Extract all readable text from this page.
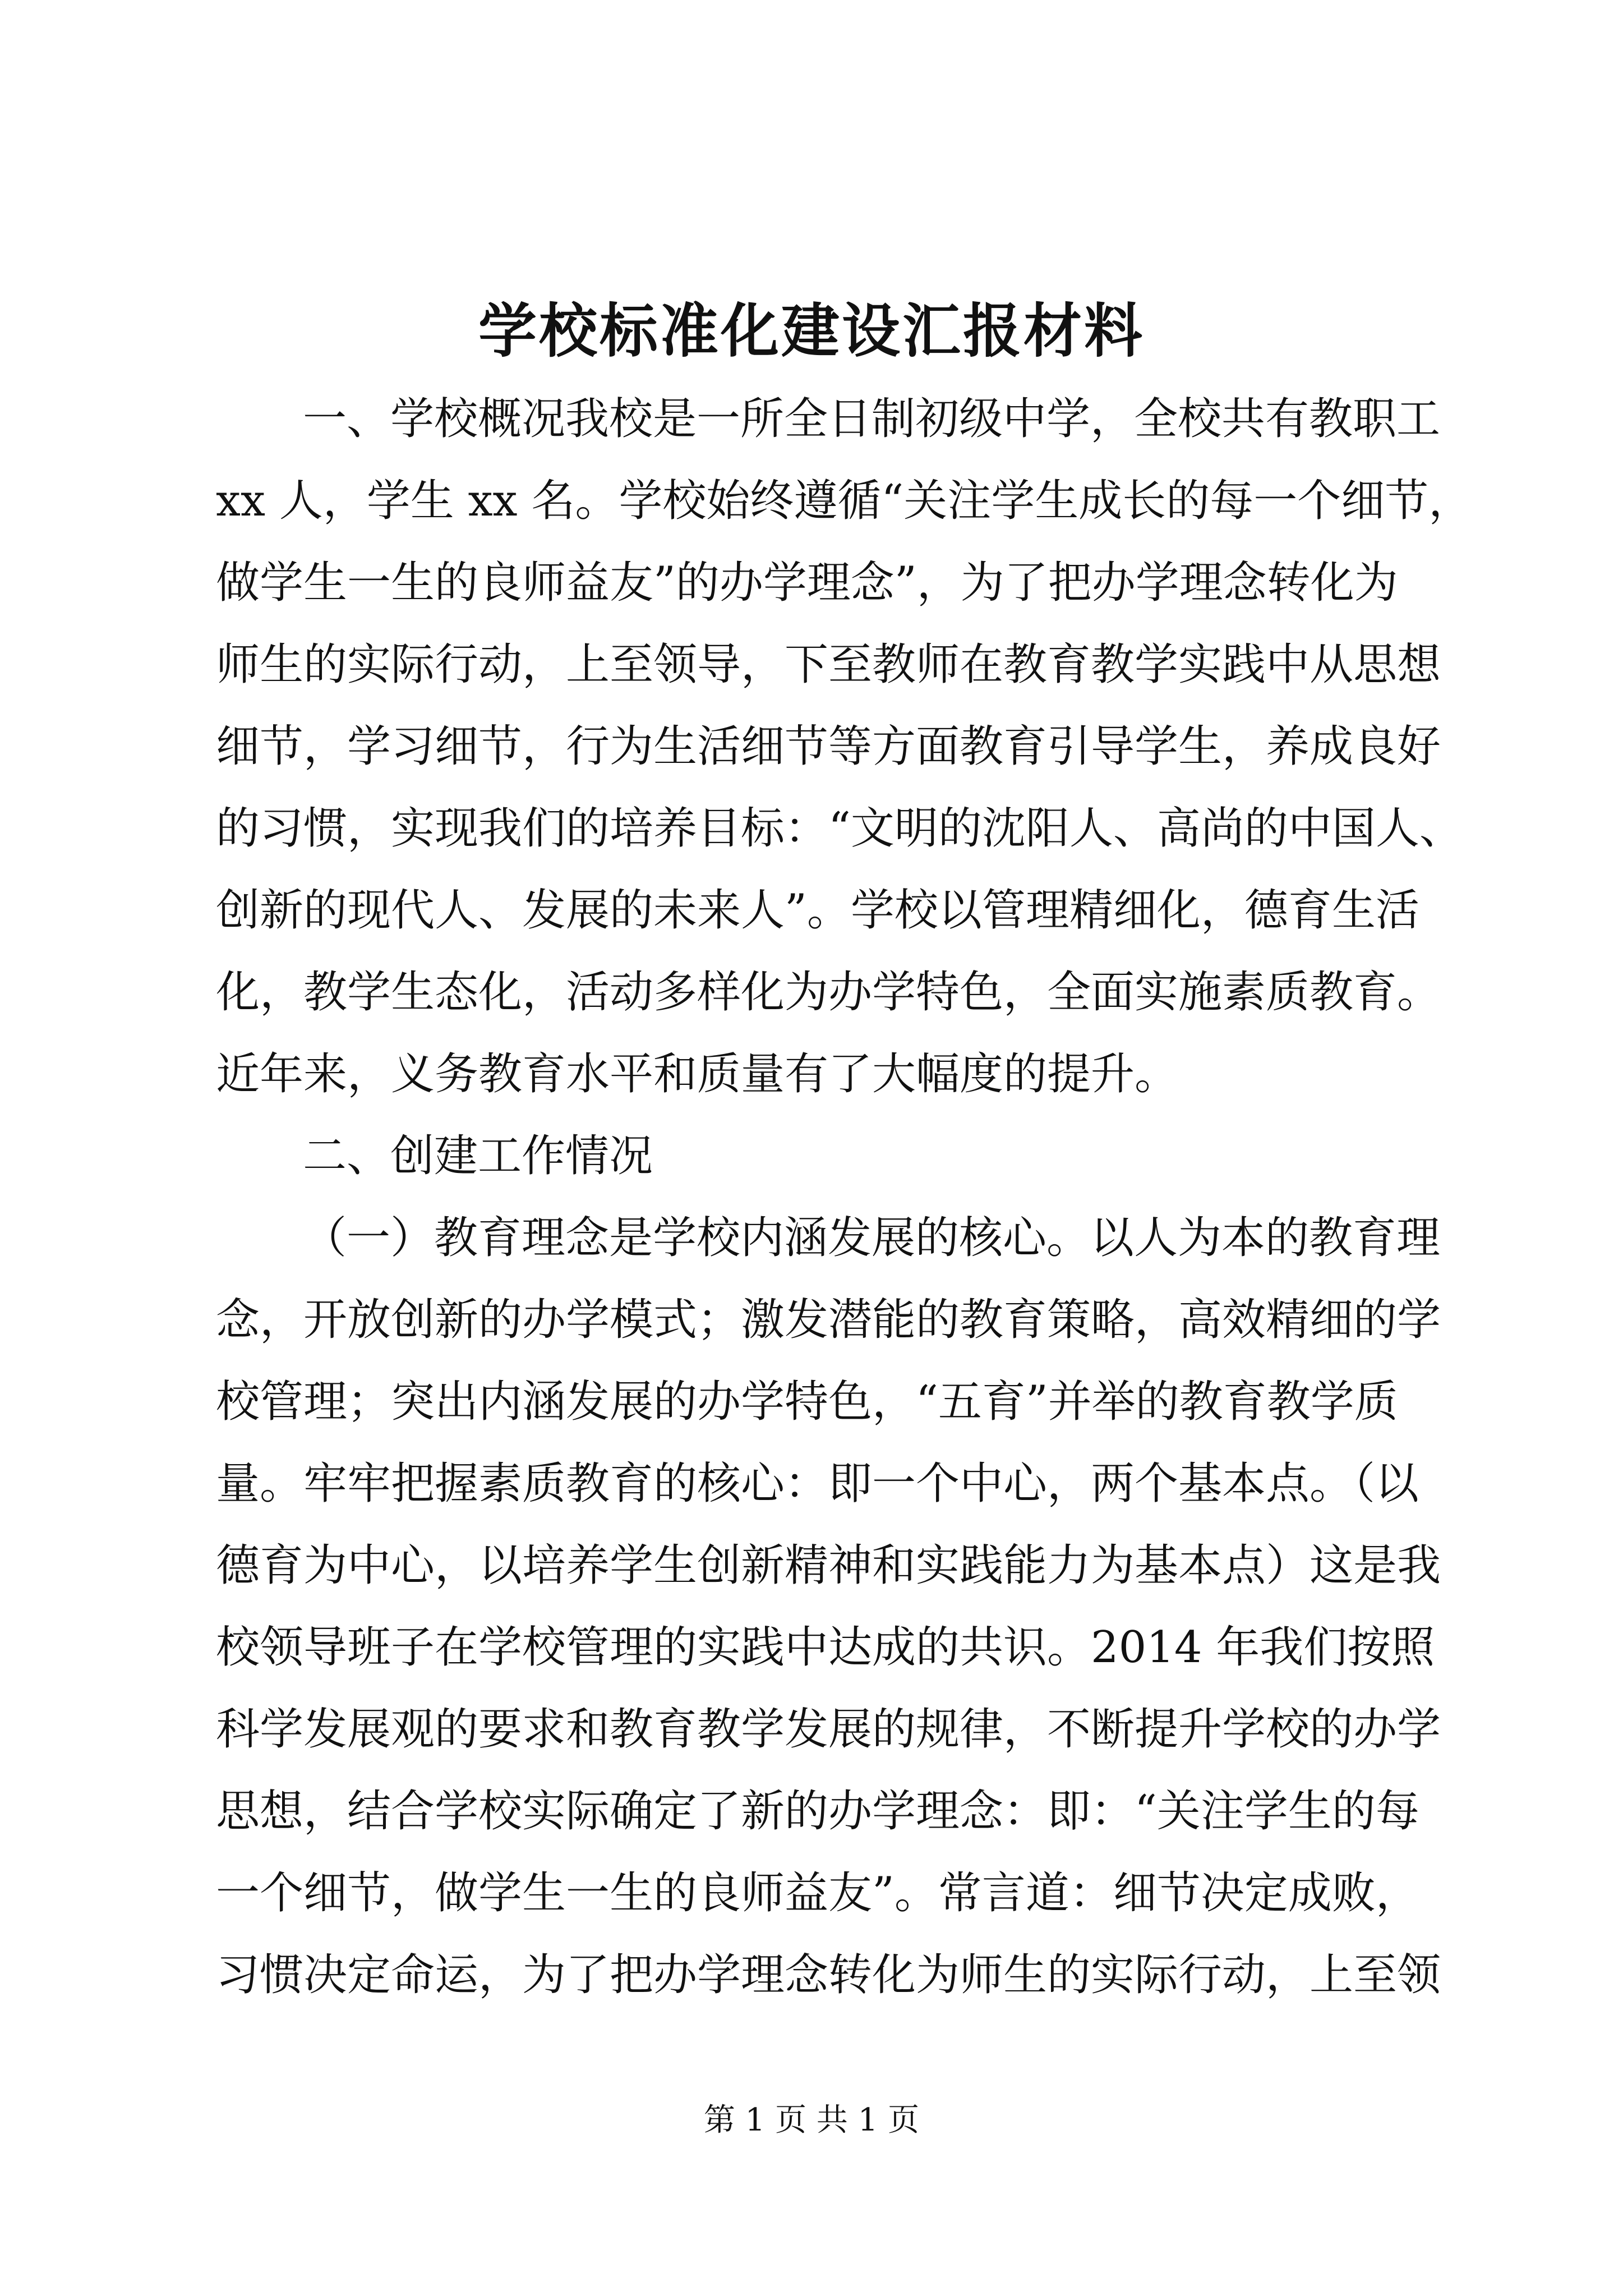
学校标准化建设汇报材料
一、学校概况我校是一所全日制初级中学，全校共有教职工
xx 人，学生 xx 名。学校始终遵循“关注学生成长的每一个细节，
做学生一生的良师益友”的办学理念”，为了把办学理念转化为
师生的实际行动，上至领导，下至教师在教育教学实践中从思想
细节，学习细节，行为生活细节等方面教育引导学生，养成良好
的习惯，实现我们的培养目标：“文明的沈阳人、高尚的中国人、
创新的现代人、发展的未来人”。学校以管理精细化，德育生活
化，教学生态化，活动多样化为办学特色，全面实施素质教育。
近年来，义务教育水平和质量有了大幅度的提升。
二、创建工作情况
（一）教育理念是学校内涵发展的核心。以人为本的教育理
念，开放创新的办学模式；激发潜能的教育策略，高效精细的学
校管理；突出内涵发展的办学特色，“五育”并举的教育教学质
量。牢牢把握素质教育的核心：即一个中心，两个基本点。（以
德育为中心，以培养学生创新精神和实践能力为基本点）这是我
校领导班子在学校管理的实践中达成的共识。2014 年我们按照
科学发展观的要求和教育教学发展的规律，不断提升学校的办学
思想，结合学校实际确定了新的办学理念：即：“关注学生的每
一个细节，做学生一生的良师益友”。常言道：细节决定成败，
习惯决定命运，为了把办学理念转化为师生的实际行动，上至领
第 1 页 共 1 页
